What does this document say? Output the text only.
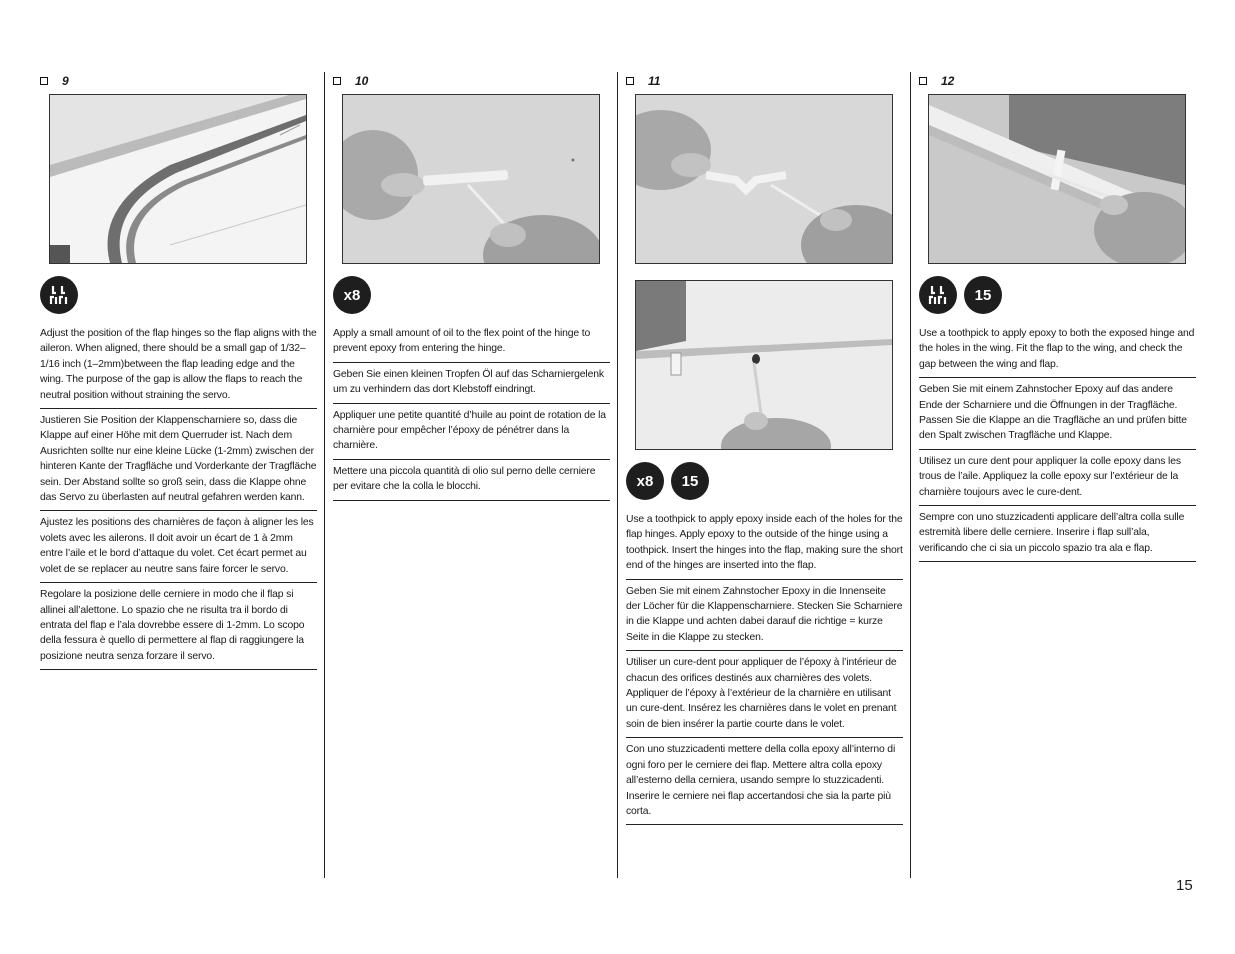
9
Adjust the position of the flap hinges so the flap aligns with the aileron. When aligned, there should be a small gap of 1/32–1/16 inch (1–2mm)between the flap leading edge and the wing. The purpose of the gap is allow the flaps to reach the neutral position without straining the servo.
Justieren Sie Position der Klappenscharniere so, dass die Klappe auf einer Höhe mit dem Querruder ist. Nach dem Ausrichten sollte nur eine kleine Lücke (1-2mm) zwischen der hinteren Kante der Tragfläche und Vorderkante der Tragfläche sein. Der Abstand sollte so groß sein, dass die Klappe ohne das Servo zu überlasten auf neutral gefahren werden kann.
Ajustez les positions des charnières de façon à aligner les les volets avec les ailerons. Il doit avoir un écart de 1 à 2mm entre l’aile et le bord d’attaque du volet. Cet écart permet au volet de se replacer au neutre sans faire forcer le servo.
Regolare la posizione delle cerniere in modo che il flap si allinei all’alettone. Lo spazio che ne risulta tra il bordo di entrata del flap e l’ala dovrebbe essere di 1-2mm. Lo scopo della fessura è quello di permettere al flap di raggiungere la posizione neutra senza forzare il servo.
10
x8
Apply a small amount of oil to the flex point of the hinge to prevent epoxy from entering the hinge.
Geben Sie einen kleinen Tropfen Öl auf das Scharniergelenk um zu verhindern das dort Klebstoff eindringt.
Appliquer une petite quantité d’huile au point de rotation de la charnière pour empêcher l’époxy de pénétrer dans la charnière.
Mettere una piccola quantità di olio sul perno delle cerniere per evitare che la colla le blocchi.
11
x8	15
Use a toothpick to apply epoxy inside each of the holes for the flap hinges. Apply epoxy to the outside of the hinge using a toothpick. Insert the hinges into the flap, making sure the short end of the hinges are inserted into the flap.
Geben Sie mit einem Zahnstocher Epoxy in die Innenseite der Löcher für die Klappenscharniere. Stecken Sie Scharniere in die Klappe und achten dabei darauf die richtige = kurze Seite in die Klappe zu stecken.
Utiliser un cure-dent pour appliquer de l’époxy à l’intérieur de chacun des orifices destinés aux charnières des volets. Appliquer de l’époxy à l’extérieur de la charnière en utilisant un cure-dent. Insérez les charnières dans le volet en prenant soin de bien insérer la partie courte dans le volet.
Con uno stuzzicadenti mettere della colla epoxy all’interno di ogni foro per le cerniere dei flap. Mettere altra colla epoxy all’esterno della cerniera, usando sempre lo stuzzicadenti. Inserire le cerniere nei flap accertandosi che sia la parte più corta.
12
15
Use a toothpick to apply epoxy to both the exposed hinge and the holes in the wing. Fit the flap to the wing, and check the gap between the wing and flap.
Geben Sie mit einem Zahnstocher Epoxy auf das andere Ende der Scharniere und die Öffnungen in der Tragfläche. Passen Sie die Klappe an die Tragfläche an und prüfen bitte den Spalt zwischen Tragfläche und Klappe.
Utilisez un cure dent pour appliquer la colle epoxy dans les trous de l’aile. Appliquez la colle epoxy sur l’extérieur de la charnière toujours avec le cure-dent.
Sempre con uno stuzzicadenti applicare dell’altra colla sulle estremità libere delle cerniere. Inserire i flap sull’ala, verificando che ci sia un piccolo spazio tra ala e flap.
15
